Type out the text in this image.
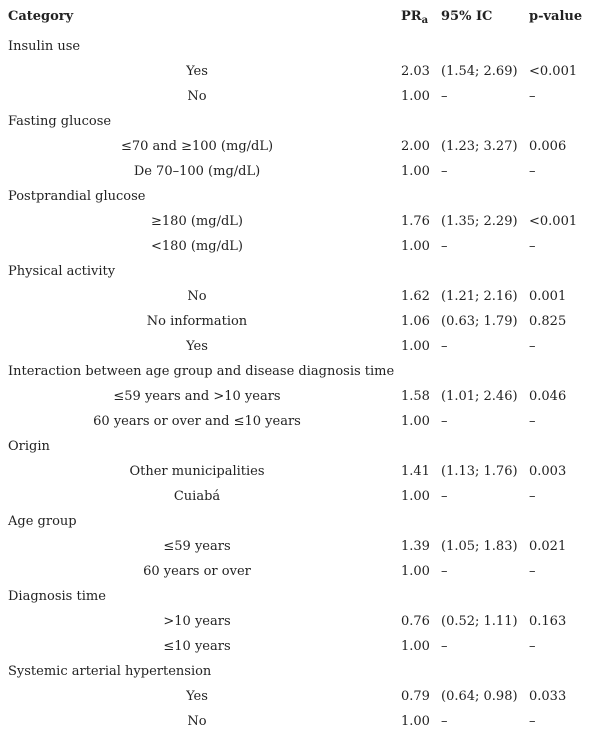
Category	$PR_a$ 95% IC	p-value
Insulin use
Yes	2.03 (1.54; 2.69) <0.001
No	1.00 –	–
Fasting glucose
≤70 and ≥100 (mg/dL)	2.00 (1.23; 3.27) 0.006
De 70–100 (mg/dL)	1.00 –	–
Postprandial glucose
≥180 (mg/dL)	1.76 (1.35; 2.29) <0.001
<180 (mg/dL)	1.00 –	–
Physical activity
No	1.62 (1.21; 2.16) 0.001
No information	1.06 (0.63; 1.79) 0.825
Yes	1.00 –	–
Interaction between age group and disease diagnosis time
≤59 years and >10 years	1.58 (1.01; 2.46) 0.046
60 years or over and ≤10 years	1.00 –	–
Origin
Other municipalities	1.41 (1.13; 1.76) 0.003
Cuiabá	1.00 –	–
Age group
≤59 years	1.39 (1.05; 1.83) 0.021
60 years or over	1.00 –	–
Diagnosis time
>10 years	0.76 (0.52; 1.11) 0.163
≤10 years	1.00 –	–
Systemic arterial hypertension
Yes	0.79 (0.64; 0.98) 0.033
No	1.00 –	–
